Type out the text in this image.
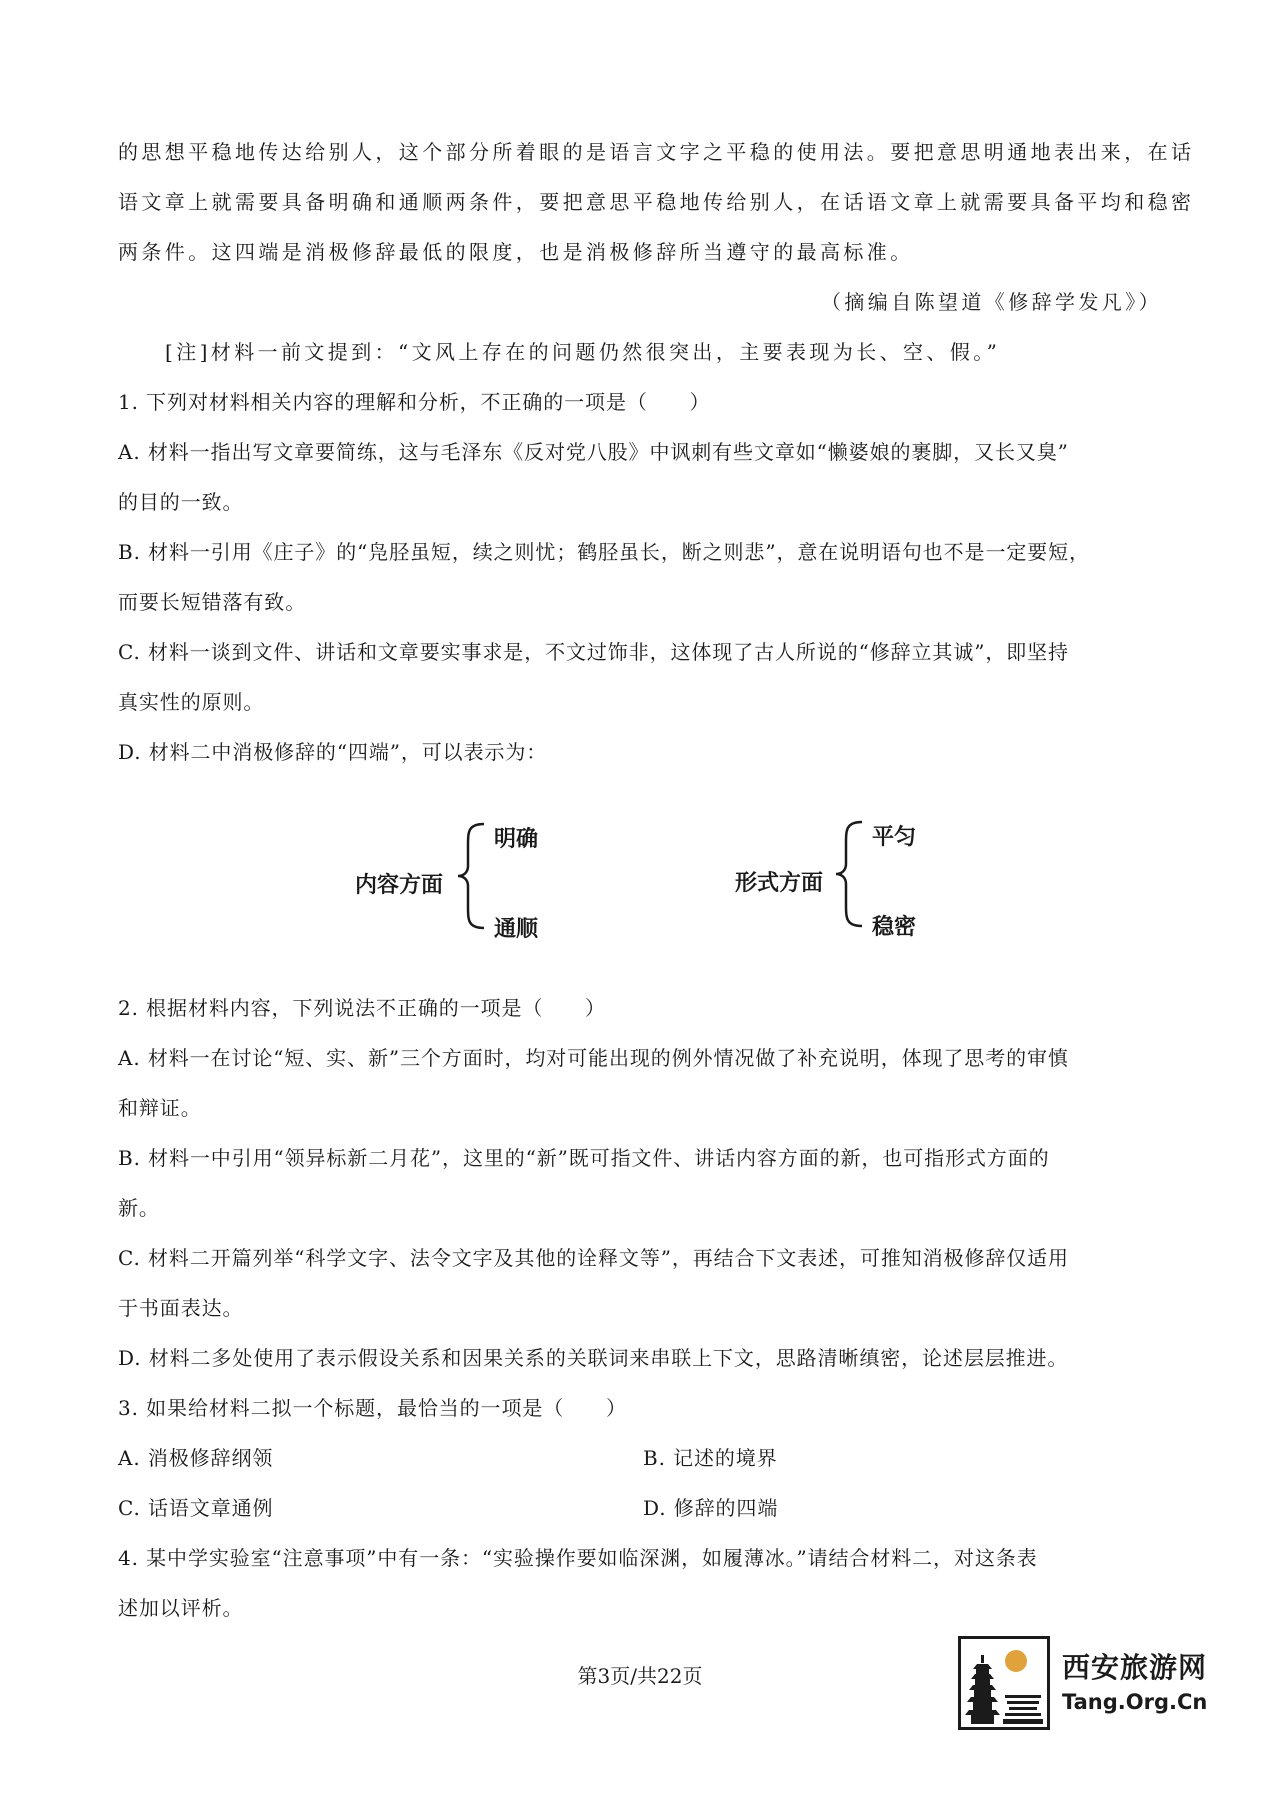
的思想平稳地传达给别人，这个部分所着眼的是语言文字之平稳的使用法。要把意思明通地表出来，在话
语文章上就需要具备明确和通顺两条件，要把意思平稳地传给别人，在话语文章上就需要具备平均和稳密
两条件。这四端是消极修辞最低的限度，也是消极修辞所当遵守的最高标准。
（摘编自陈望道《修辞学发凡》）
[注]材料一前文提到：“文风上存在的问题仍然很突出，主要表现为长、空、假。”
1. 下列对材料相关内容的理解和分析，不正确的一项是（　　）
A. 材料一指出写文章要简练，这与毛泽东《反对党八股》中讽刺有些文章如“懒婆娘的裹脚，又长又臭”
的目的一致。
B. 材料一引用《庄子》的“凫胫虽短，续之则忧；鹤胫虽长，断之则悲”，意在说明语句也不是一定要短，
而要长短错落有致。
C. 材料一谈到文件、讲话和文章要实事求是，不文过饰非，这体现了古人所说的“修辞立其诚”，即坚持
真实性的原则。
D. 材料二中消极修辞的“四端”，可以表示为：
内容方面
明确
通顺
形式方面
平匀
稳密
2. 根据材料内容，下列说法不正确的一项是（　　）
A. 材料一在讨论“短、实、新”三个方面时，均对可能出现的例外情况做了补充说明，体现了思考的审慎
和辩证。
B. 材料一中引用“领异标新二月花”，这里的“新”既可指文件、讲话内容方面的新，也可指形式方面的
新。
C. 材料二开篇列举“科学文字、法令文字及其他的诠释文等”，再结合下文表述，可推知消极修辞仅适用
于书面表达。
D. 材料二多处使用了表示假设关系和因果关系的关联词来串联上下文，思路清晰缜密，论述层层推进。
3. 如果给材料二拟一个标题，最恰当的一项是（　　）
A. 消极修辞纲领	B. 记述的境界
C. 话语文章通例	D. 修辞的四端
4. 某中学实验室“注意事项”中有一条：“实验操作要如临深渊，如履薄冰。”请结合材料二，对这条表
述加以评析。
第3页/共22页	西安旅游网
Tang.Org.Cn
